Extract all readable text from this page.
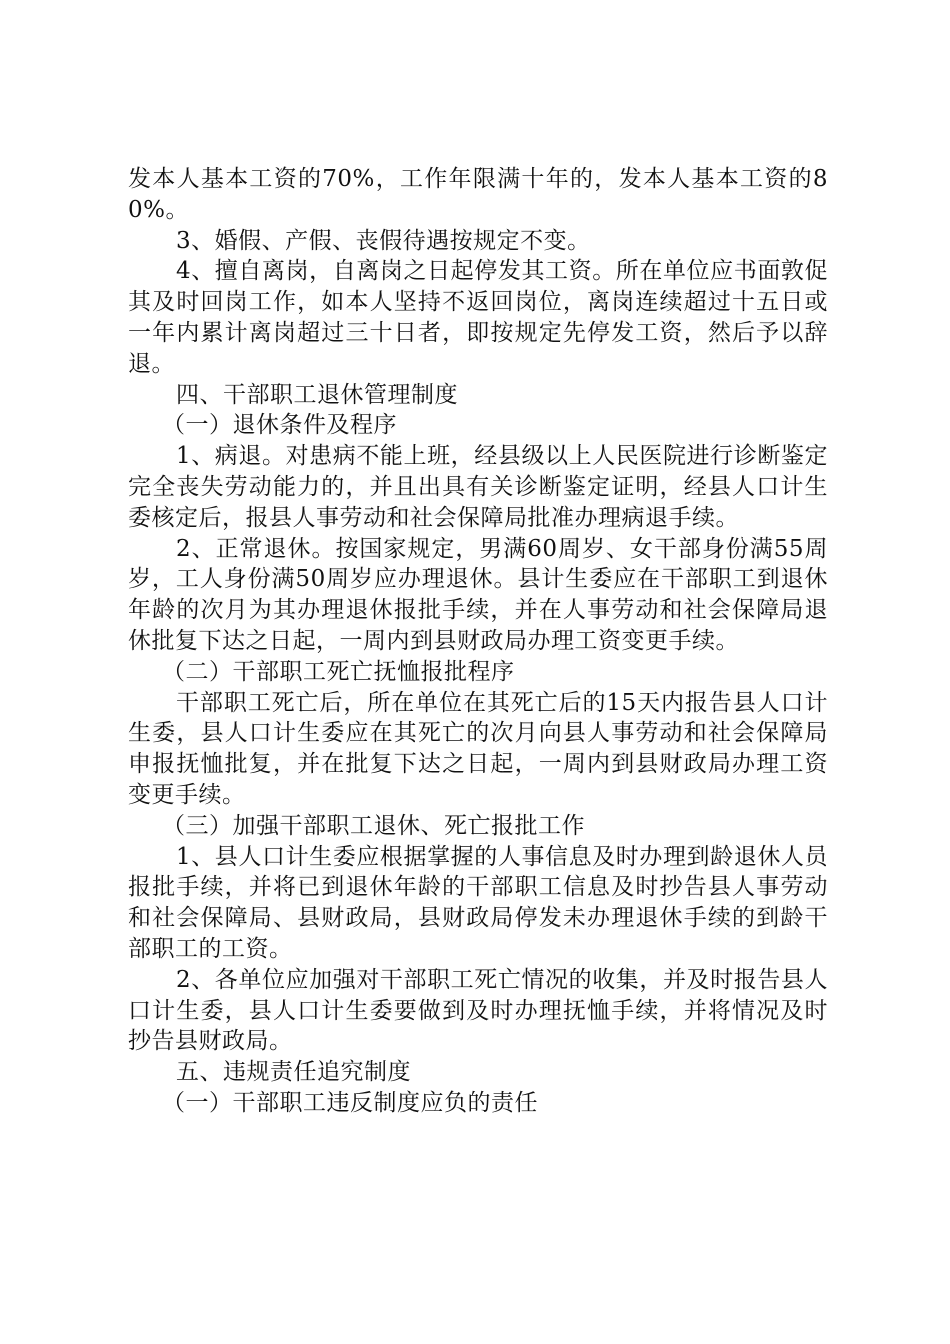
发本人基本工资的70%，工作年限满十年的，发本人基本工资的80%。

3、婚假、产假、丧假待遇按规定不变。

4、擅自离岗，自离岗之日起停发其工资。所在单位应书面敦促其及时回岗工作，如本人坚持不返回岗位，离岗连续超过十五日或一年内累计离岗超过三十日者，即按规定先停发工资，然后予以辞退。

四、干部职工退休管理制度

（一）退休条件及程序

1、病退。对患病不能上班，经县级以上人民医院进行诊断鉴定完全丧失劳动能力的，并且出具有关诊断鉴定证明，经县人口计生委核定后，报县人事劳动和社会保障局批准办理病退手续。

2、正常退休。按国家规定，男满60周岁、女干部身份满55周岁，工人身份满50周岁应办理退休。县计生委应在干部职工到退休年龄的次月为其办理退休报批手续，并在人事劳动和社会保障局退休批复下达之日起，一周内到县财政局办理工资变更手续。

（二）干部职工死亡抚恤报批程序

干部职工死亡后，所在单位在其死亡后的15天内报告县人口计生委，县人口计生委应在其死亡的次月向县人事劳动和社会保障局申报抚恤批复，并在批复下达之日起，一周内到县财政局办理工资变更手续。

（三）加强干部职工退休、死亡报批工作

1、县人口计生委应根据掌握的人事信息及时办理到龄退休人员报批手续，并将已到退休年龄的干部职工信息及时抄告县人事劳动和社会保障局、县财政局，县财政局停发未办理退休手续的到龄干部职工的工资。

2、各单位应加强对干部职工死亡情况的收集，并及时报告县人口计生委，县人口计生委要做到及时办理抚恤手续，并将情况及时抄告县财政局。

五、违规责任追究制度

（一）干部职工违反制度应负的责任
